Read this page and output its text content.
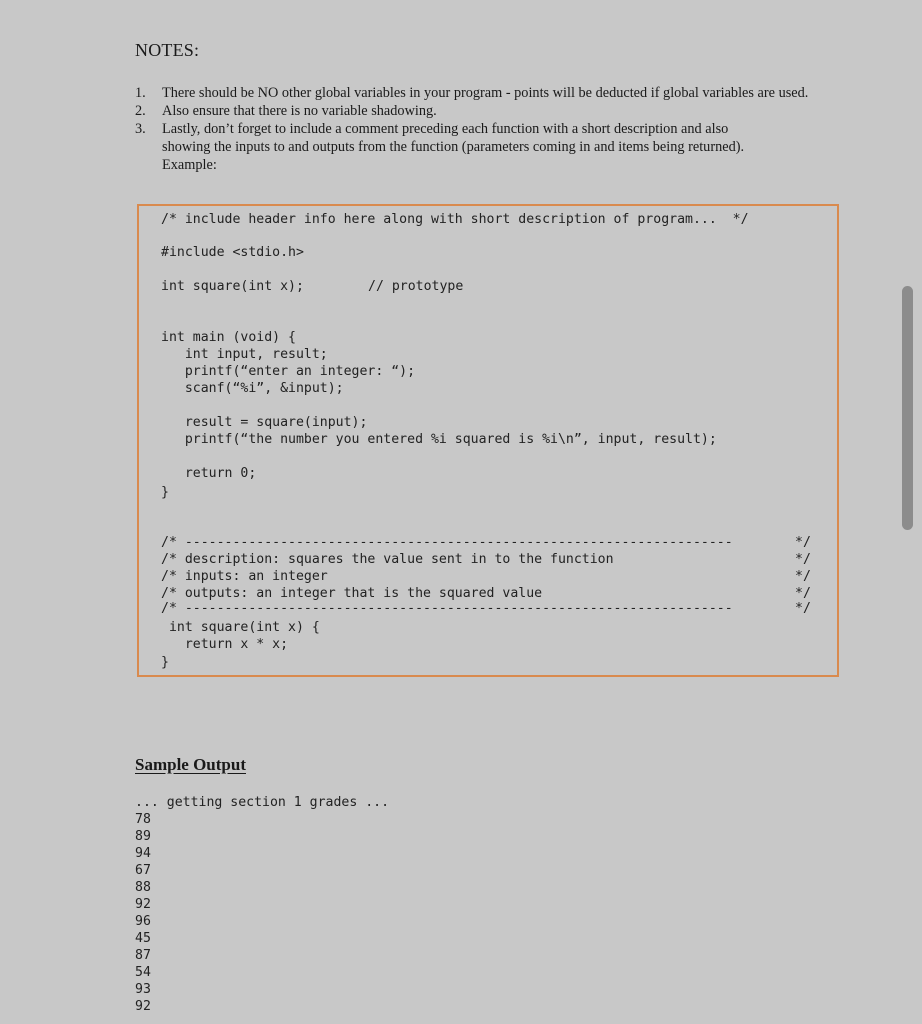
NOTES:
1. There should be NO other global variables in your program - points will be deducted if global variables are used.
2. Also ensure that there is no variable shadowing.
3. Lastly, don’t forget to include a comment preceding each function with a short description and also
showing the inputs to and outputs from the function (parameters coming in and items being returned).
Example:
/* include header info here along with short description of program...  */
#include <stdio.h>
int square(int x);	// prototype
int main (void) {
int input, result;
printf(“enter an integer: “);
scanf(“%i”, &input);
result = square(input);
printf(“the number you entered %i squared is %i\n”, input, result);
return 0;
}
/* ---------------------------------------------------------------------
/* description: squares the value sent in to the function
/* inputs: an integer
/* outputs: an integer that is the squared value
/* ---------------------------------------------------------------------
*/
*/
*/
*/
*/
int square(int x) {
return x * x;
}
Sample Output
... getting section 1 grades ...
78
89
94
67
88
92
96
45
87
54
93
92
